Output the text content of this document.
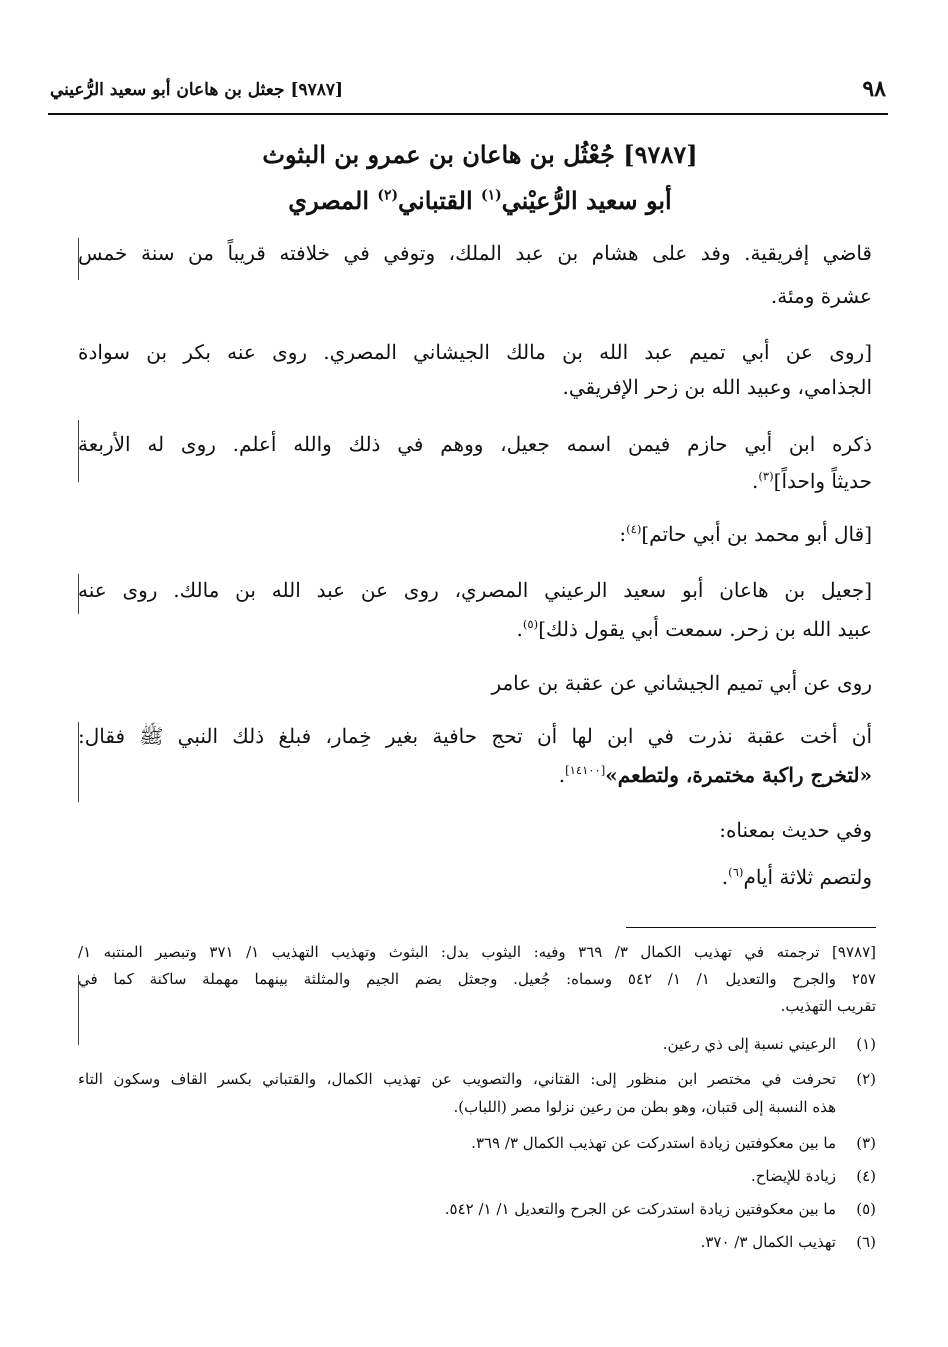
٩٨
[٩٧٨٧] جعثل بن هاعان أبو سعيد الرُّعيني
[٩٧٨٧] جُعْثُل بن هاعان بن عمرو بن البثوث
أبو سعيد الرُّعيْني$^{(١)}$ القتباني$^{(٢)}$ المصري
قاضي إفريقية. وفد على هشام بن عبد الملك، وتوفي في خلافته قريباً من سنة خمس
عشرة ومئة.
[روى عن أبي تميم عبد الله بن مالك الجيشاني المصري. روى عنه بكر بن سوادة
الجذامي، وعبيد الله بن زحر الإفريقي.
ذكره ابن أبي حازم فيمن اسمه جعيل، ووهم في ذلك والله أعلم. روى له الأربعة
حديثاً واحداً]$^{(٣)}$.
[قال أبو محمد بن أبي حاتم]$^{(٤)}$:
[جعيل بن هاعان أبو سعيد الرعيني المصري، روى عن عبد الله بن مالك. روى عنه
عبيد الله بن زحر. سمعت أبي يقول ذلك]$^{(٥)}$.
روى عن أبي تميم الجيشاني عن عقبة بن عامر
أن أخت عقبة نذرت في ابن لها أن تحج حافية بغير خِمار، فبلغ ذلك النبي ﷺ فقال:
«لتخرج راكبة مختمرة، ولتطعم»[١٤١٠٠].
وفي حديث بمعناه:
ولتصم ثلاثة أيام$^{(٦)}$.
[٩٧٨٧] ترجمته في تهذيب الكمال ٣/ ٣٦٩ وفيه: اليثوب بدل: البثوث وتهذيب التهذيب ١/ ٣٧١ وتبصير المنتبه ١/
٢٥٧ والجرح والتعديل ١/ ١/ ٥٤٢ وسماه: جُعيل. وجعثل بضم الجيم والمثلثة بينهما مهملة ساكنة كما في
تقريب التهذيب.
(١)
الرعيني نسبة إلى ذي رعين.
(٢)
تحرفت في مختصر ابن منظور إلى: القتاني، والتصويب عن تهذيب الكمال، والقتباني بكسر القاف وسكون التاء
هذه النسبة إلى قتبان، وهو بطن من رعين نزلوا مصر (اللباب).
(٣)
ما بين معكوفتين زيادة استدركت عن تهذيب الكمال ٣/ ٣٦٩.
(٤)
زيادة للإيضاح.
(٥)
ما بين معكوفتين زيادة استدركت عن الجرح والتعديل ١/ ١/ ٥٤٢.
(٦)
تهذيب الكمال ٣/ ٣٧٠.
